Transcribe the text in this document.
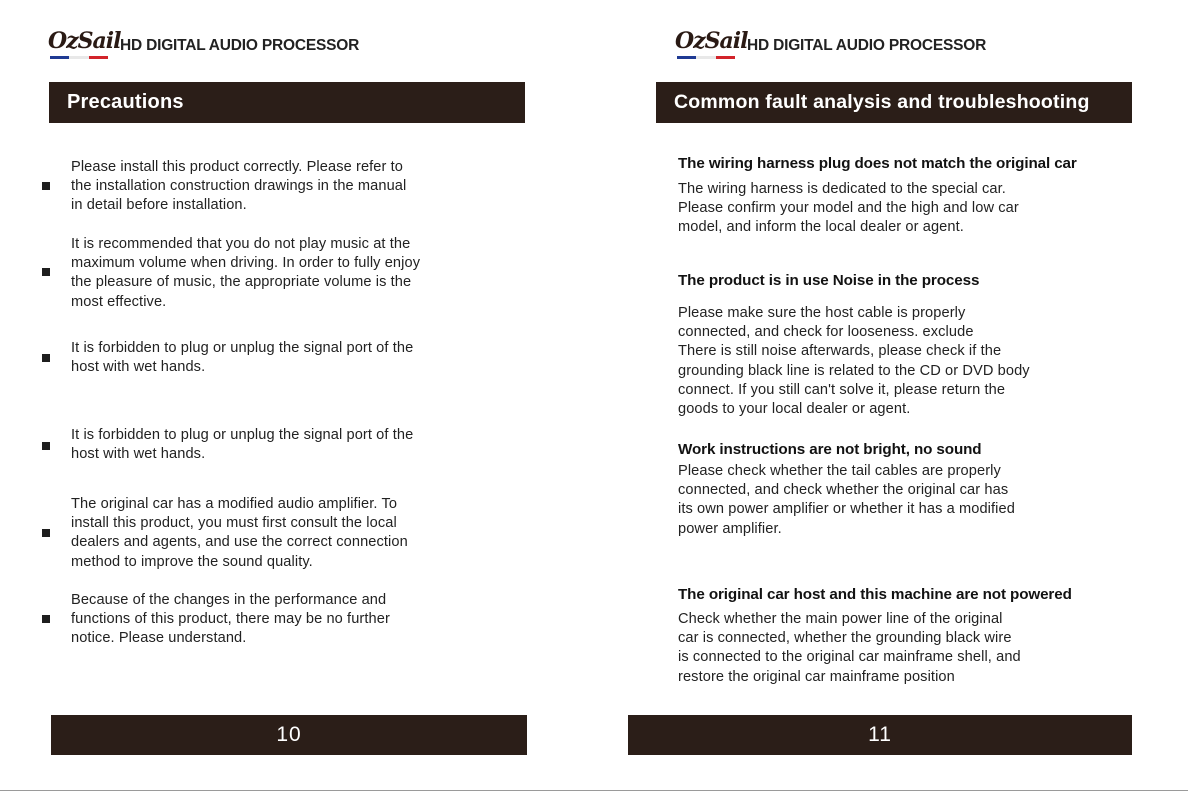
OzSail HD DIGITAL AUDIO PROCESSOR	OzSail HD DIGITAL AUDIO PROCESSOR
Precautions	Common fault analysis and troubleshooting
Please install this product correctly. Please refer to
the installation construction drawings in the manual
in detail before installation.
It is recommended that you do not play music at the
maximum volume when driving. In order to fully enjoy
the pleasure of music, the appropriate volume is the
most effective.
It is forbidden to plug or unplug the signal port of the
host with wet hands.
It is forbidden to plug or unplug the signal port of the
host with wet hands.
The original car has a modified audio amplifier. To
install this product, you must first consult the local
dealers and agents, and use the correct connection
method to improve the sound quality.
Because of the changes in the performance and
functions of this product, there may be no further
notice. Please understand.
The wiring harness plug does not match the original car
The wiring harness is dedicated to the special car.
Please confirm your model and the high and low car
model, and inform the local dealer or agent.
The product is in use Noise in the process
Please make sure the host cable is properly
connected, and check for looseness. exclude
There is still noise afterwards, please check if the
grounding black line is related to the CD or DVD body
connect. If you still can't solve it, please return the
goods to your local dealer or agent.
Work instructions are not bright, no sound
Please check whether the tail cables are properly
connected, and check whether the original car has
its own power amplifier or whether it has a modified
power amplifier.
The original car host and this machine are not powered
Check whether the main power line of the original
car is connected, whether the grounding black wire
is connected to the original car mainframe shell, and
restore the original car mainframe position
10	11
